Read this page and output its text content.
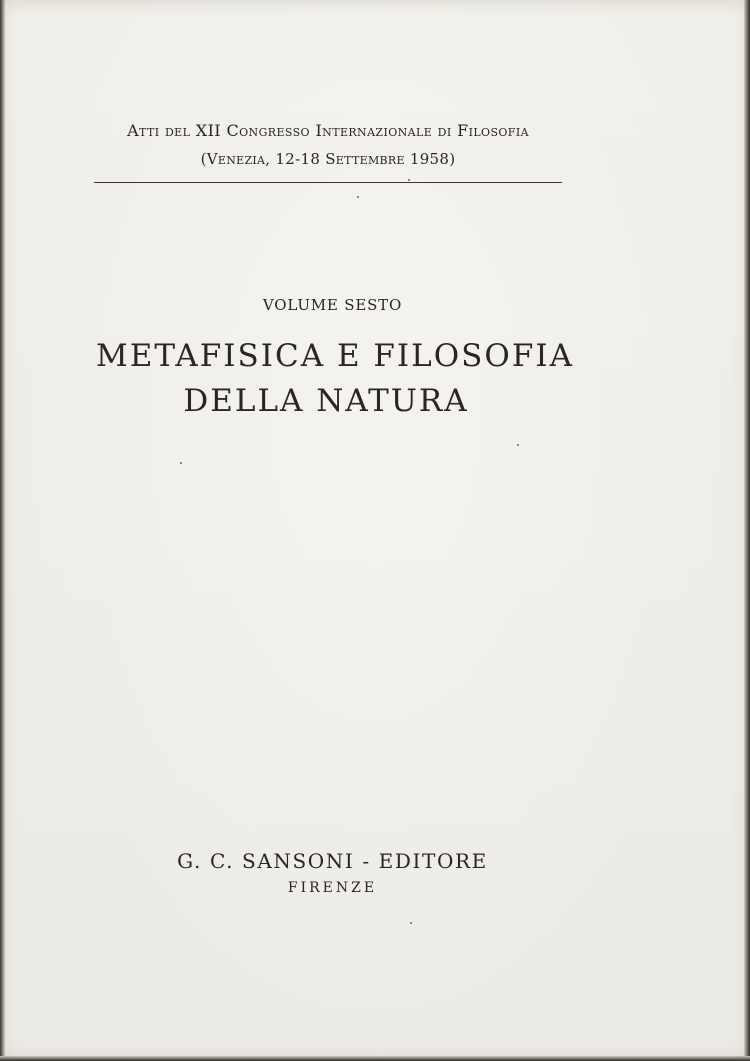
Atti del XII Congresso Internazionale di Filosofia
(Venezia, 12-18 Settembre 1958)
VOLUME SESTO
METAFISICA E FILOSOFIA
DELLA NATURA
G. C. SANSONI - EDITORE
FIRENZE
